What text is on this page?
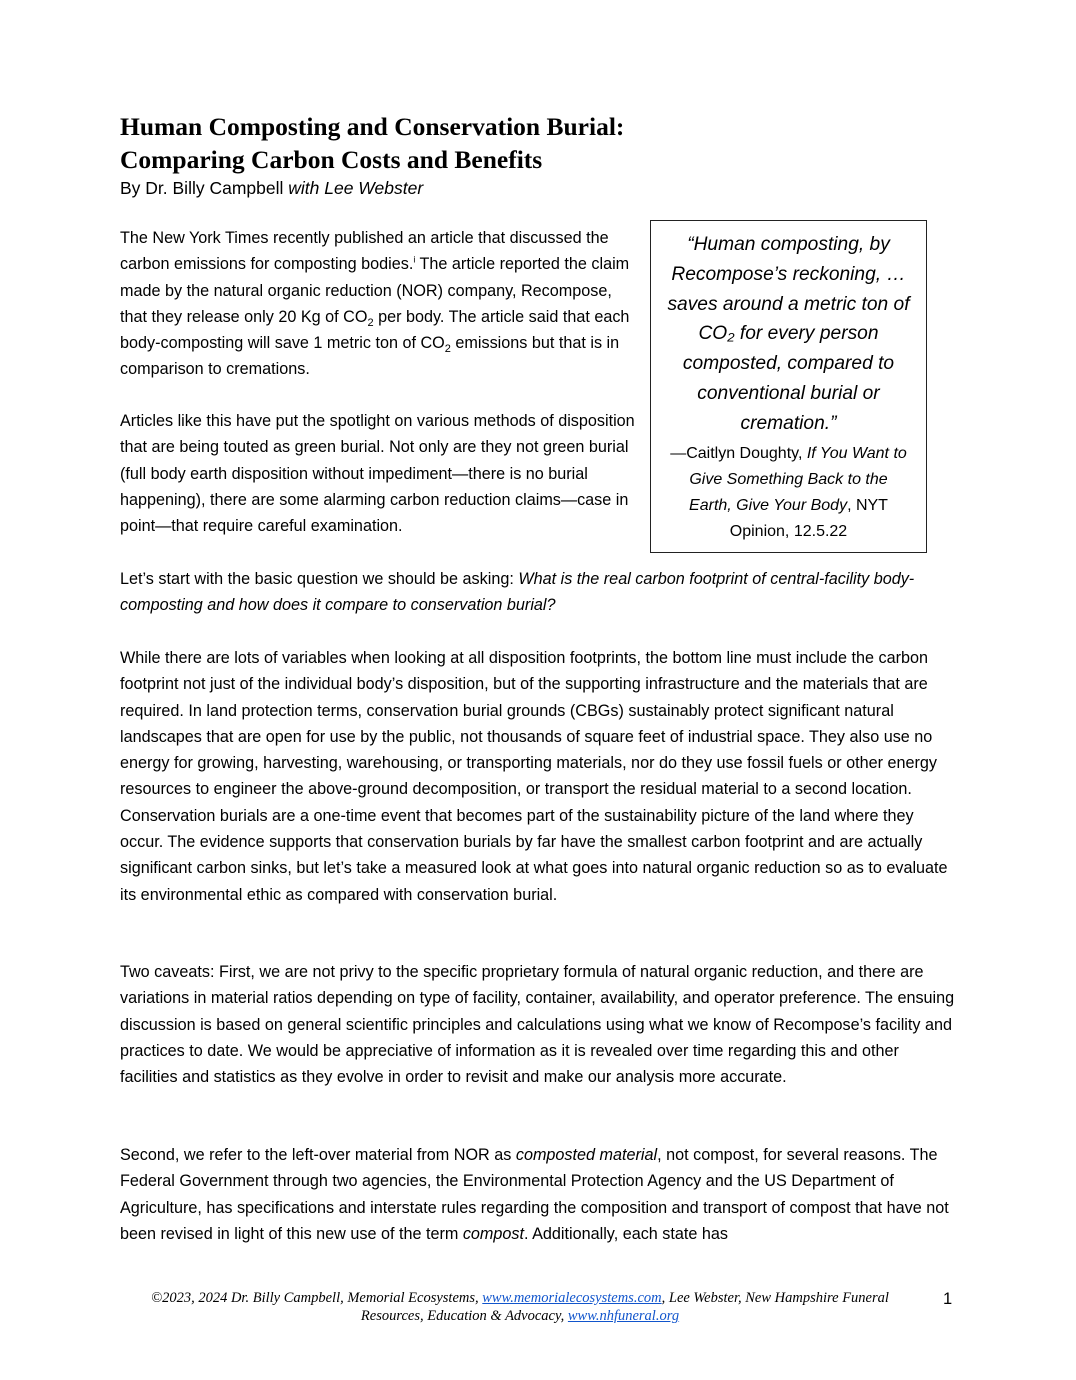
Human Composting and Conservation Burial:
Comparing Carbon Costs and Benefits
By Dr. Billy Campbell with Lee Webster

The New York Times recently published an article that discussed the carbon emissions for composting bodies.$^i$ The article reported the claim made by the natural organic reduction (NOR) company, Recompose, that they release only 20 Kg of $CO_2$ per body. The article said that each body-composting will save 1 metric ton of $CO_2$ emissions but that is in comparison to cremations.

Articles like this have put the spotlight on various methods of disposition that are being touted as green burial. Not only are they not green burial (full body earth disposition without impediment—there is no burial happening), there are some alarming carbon reduction claims—case in point—that require careful examination.

“Human composting, by Recompose’s reckoning, … saves around a metric ton of CO₂ for every person composted, compared to conventional burial or cremation.”

—Caitlyn Doughty, If You Want to Give Something Back to the Earth, Give Your Body, NYT Opinion, 12.5.22

Let’s start with the basic question we should be asking: What is the real carbon footprint of central-facility body-composting and how does it compare to conservation burial?

While there are lots of variables when looking at all disposition footprints, the bottom line must include the carbon footprint not just of the individual body’s disposition, but of the supporting infrastructure and the materials that are required. In land protection terms, conservation burial grounds (CBGs) sustainably protect significant natural landscapes that are open for use by the public, not thousands of square feet of industrial space. They also use no energy for growing, harvesting, warehousing, or transporting materials, nor do they use fossil fuels or other energy resources to engineer the above-ground decomposition, or transport the residual material to a second location. Conservation burials are a one-time event that becomes part of the sustainability picture of the land where they occur. The evidence supports that conservation burials by far have the smallest carbon footprint and are actually significant carbon sinks, but let’s take a measured look at what goes into natural organic reduction so as to evaluate its environmental ethic as compared with conservation burial.

Two caveats: First, we are not privy to the specific proprietary formula of natural organic reduction, and there are variations in material ratios depending on type of facility, container, availability, and operator preference. The ensuing discussion is based on general scientific principles and calculations using what we know of Recompose’s facility and practices to date. We would be appreciative of information as it is revealed over time regarding this and other facilities and statistics as they evolve in order to revisit and make our analysis more accurate.

Second, we refer to the left-over material from NOR as composted material, not compost, for several reasons. The Federal Government through two agencies, the Environmental Protection Agency and the US Department of Agriculture, has specifications and interstate rules regarding the composition and transport of compost that have not been revised in light of this new use of the term compost. Additionally, each state has

©2023, 2024 Dr. Billy Campbell, Memorial Ecosystems, www.memorialecosystems.com, Lee Webster, New Hampshire Funeral Resources, Education & Advocacy, www.nhfuneral.org
1
